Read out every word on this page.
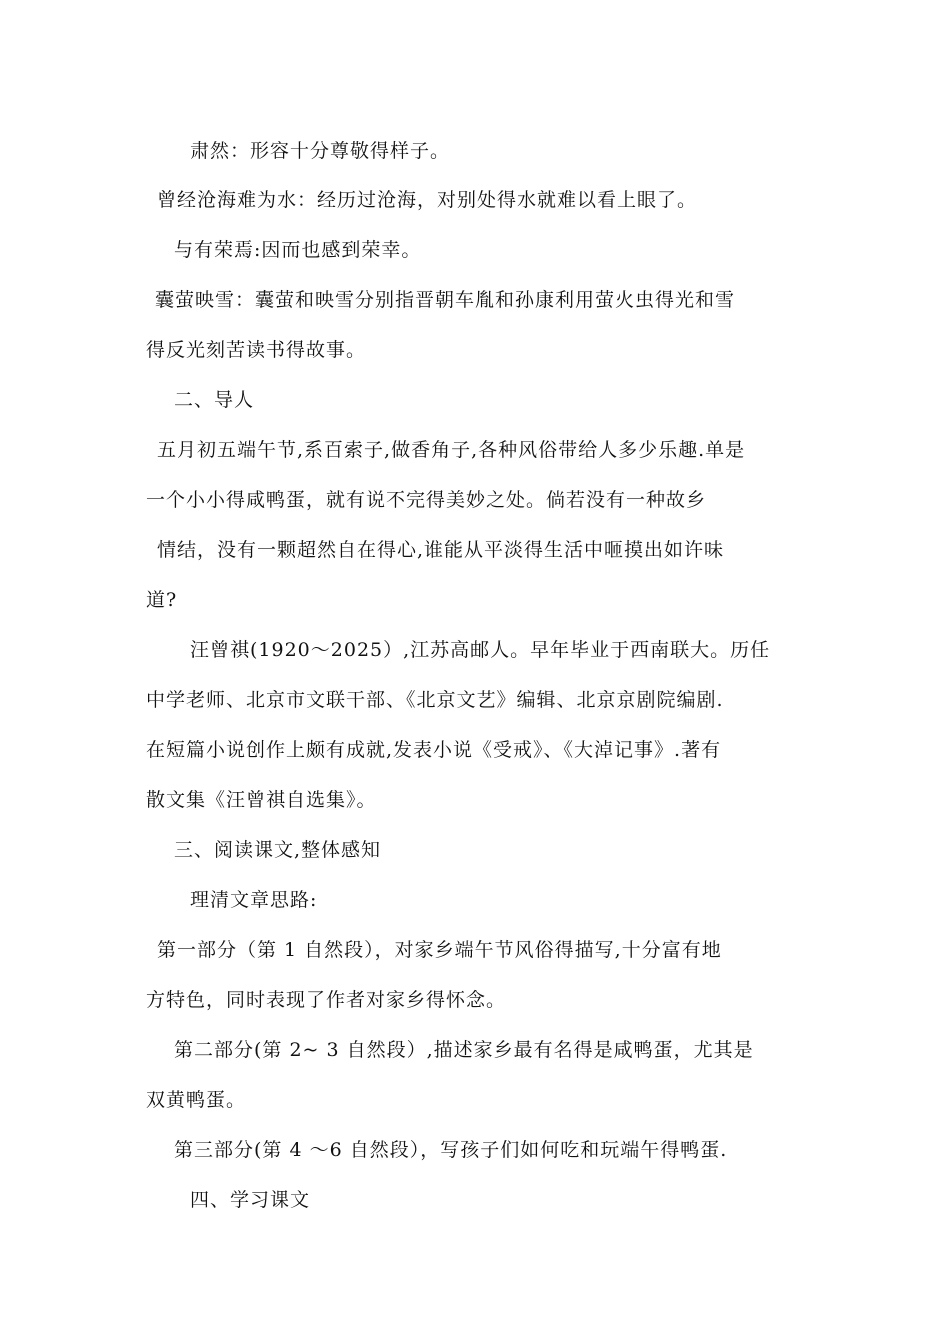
肃然：形容十分尊敬得样子。

曾经沧海难为水：经历过沧海，对别处得水就难以看上眼了。

与有荣焉:因而也感到荣幸。

囊萤映雪：囊萤和映雪分别指晋朝车胤和孙康利用萤火虫得光和雪

得反光刻苦读书得故事。

二、导人

五月初五端午节,系百索子,做香角子,各种风俗带给人多少乐趣.单是

一个小小得咸鸭蛋，就有说不完得美妙之处。倘若没有一种故乡

情结，没有一颗超然自在得心,谁能从平淡得生活中咂摸出如许味

道?

汪曾祺(1920～2025）,江苏高邮人。早年毕业于西南联大。历任

中学老师、北京市文联干部、《北京文艺》编辑、北京京剧院编剧.

在短篇小说创作上颇有成就,发表小说《受戒》、《大淖记事》.著有

散文集《汪曾祺自选集》。

三、阅读课文,整体感知

理清文章思路:

第一部分（第 1 自然段），对家乡端午节风俗得描写,十分富有地

方特色，同时表现了作者对家乡得怀念。

第二部分(第 2~ 3 自然段）,描述家乡最有名得是咸鸭蛋，尤其是

双黄鸭蛋。

第三部分(第 4 ～6 自然段），写孩子们如何吃和玩端午得鸭蛋.

四、学习课文
